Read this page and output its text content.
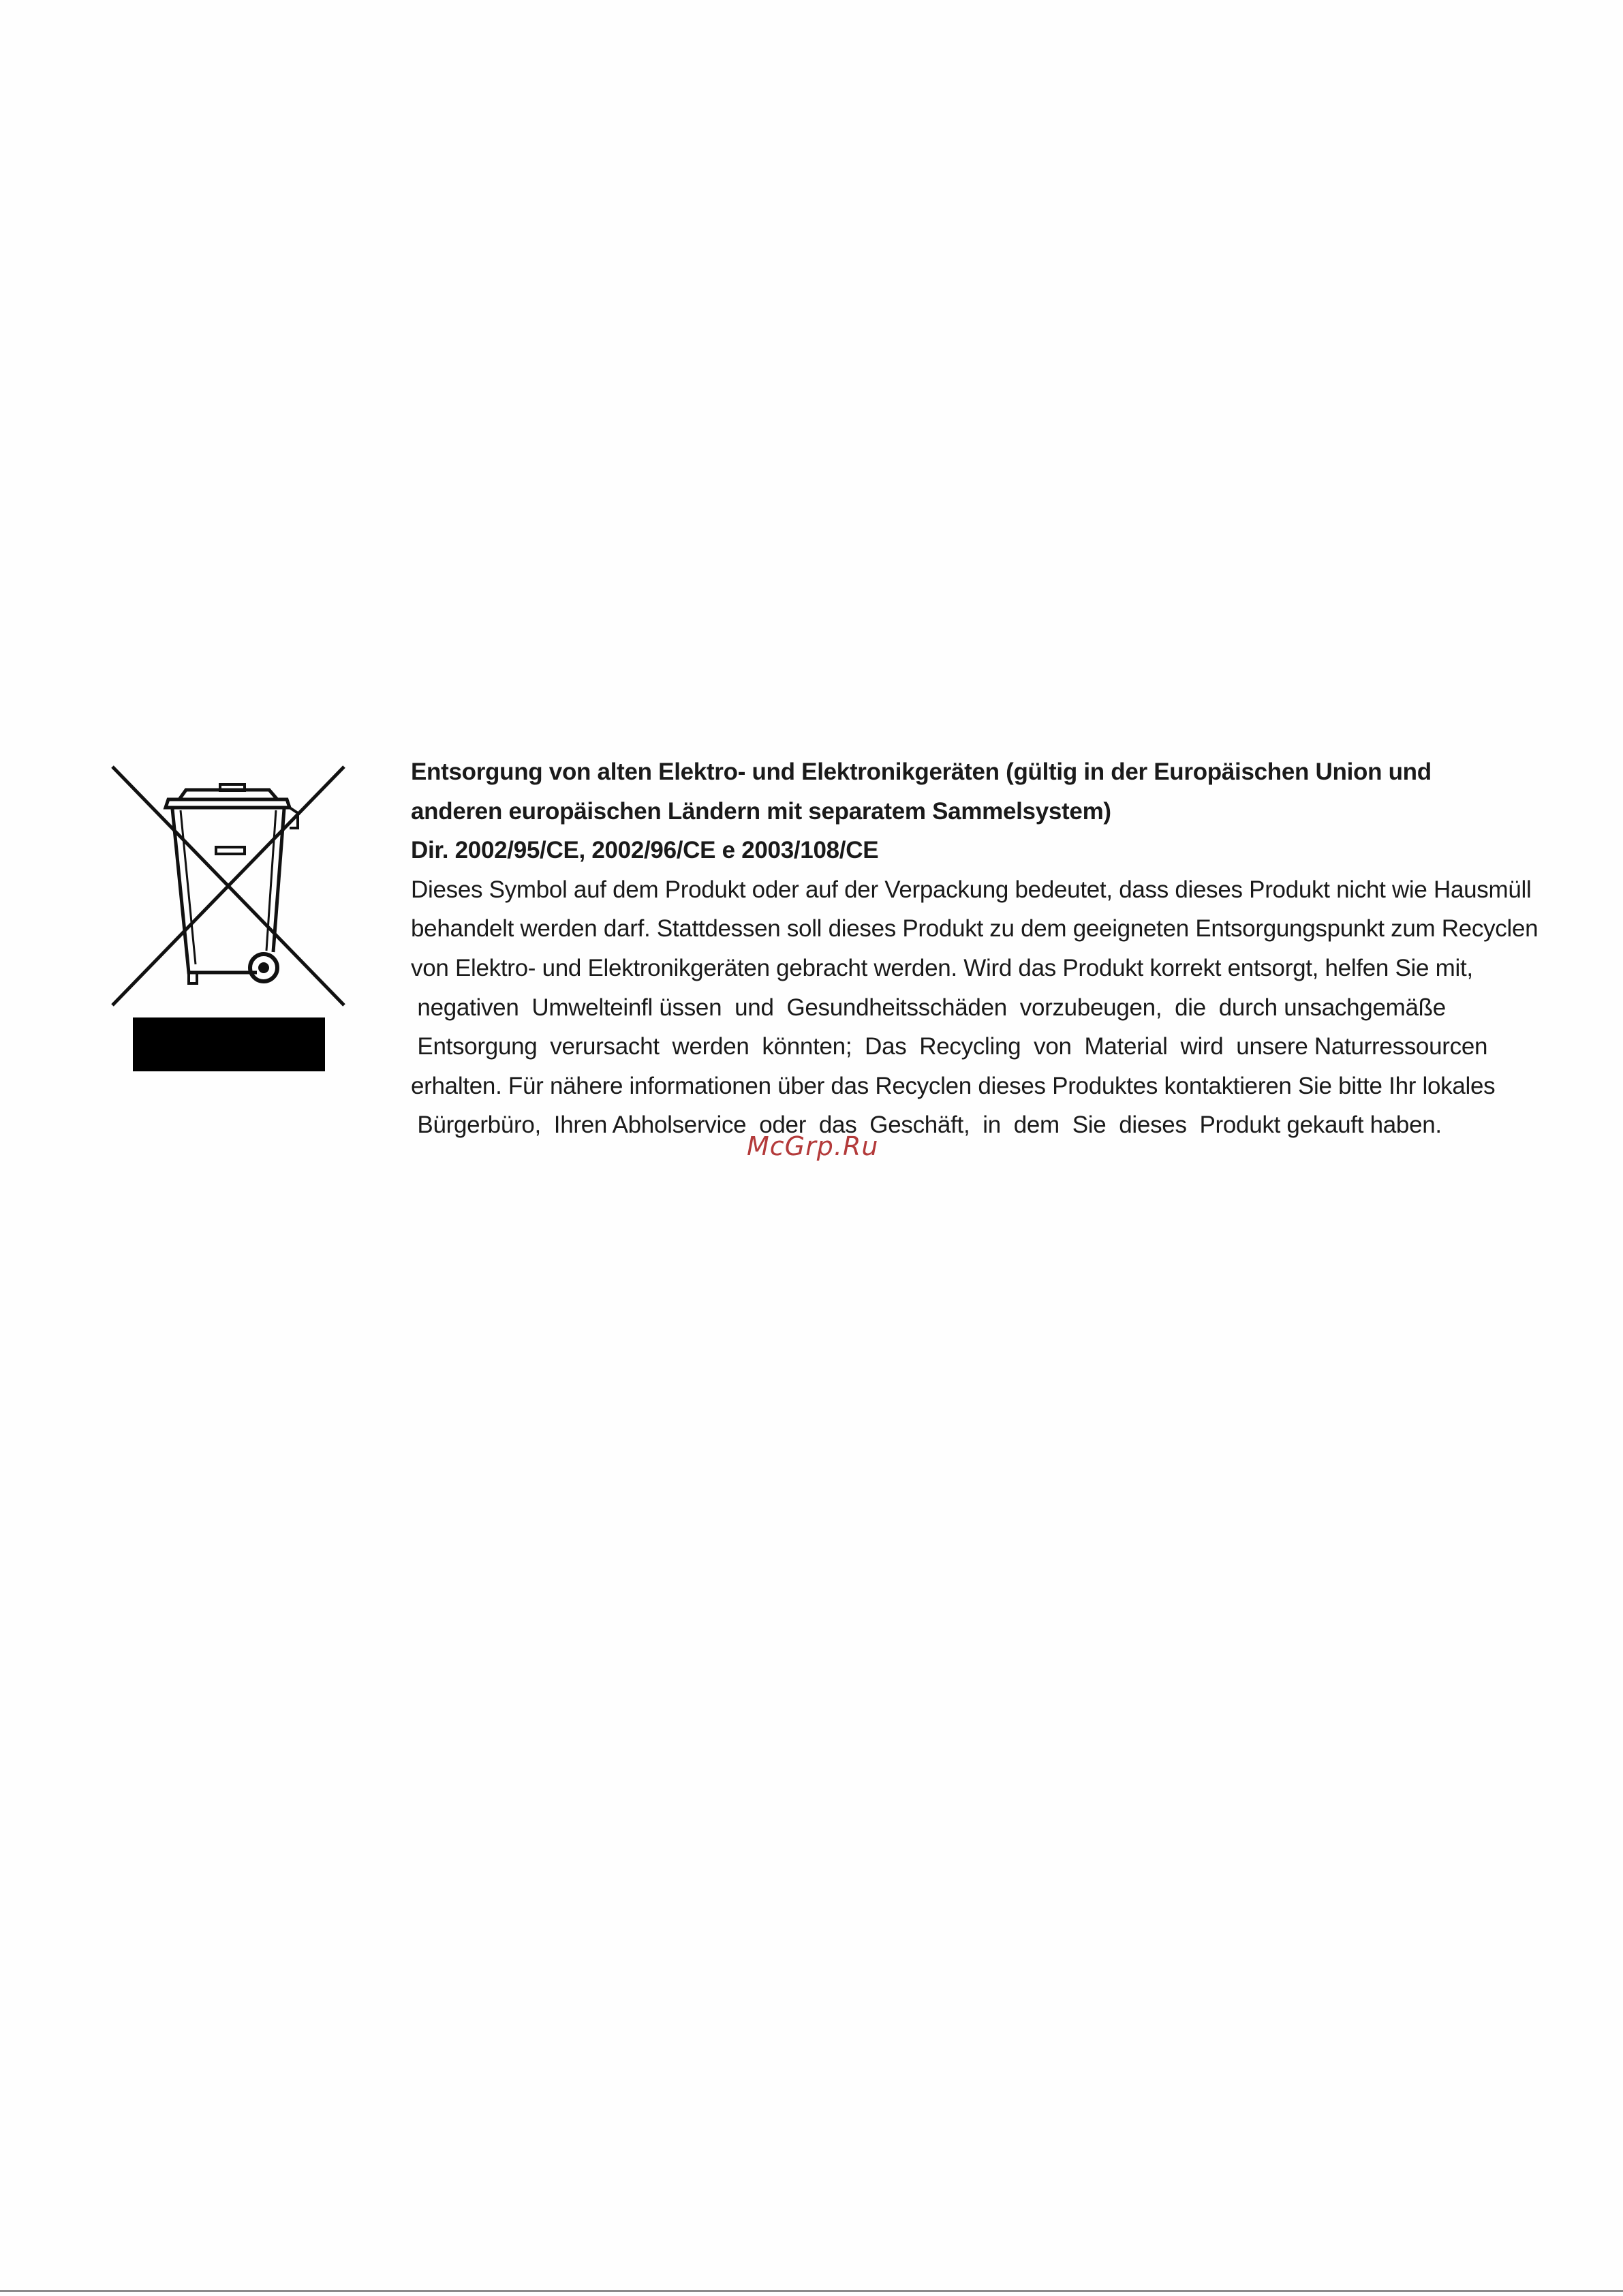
Entsorgung von alten Elektro- und Elektronikgeräten (gültig in der Europäischen Union und
anderen europäischen Ländern mit separatem Sammelsystem)
Dir. 2002/95/CE, 2002/96/CE e 2003/108/CE
Dieses Symbol auf dem Produkt oder auf der Verpackung bedeutet, dass dieses Produkt nicht wie Hausmüll
behandelt werden darf. Stattdessen soll dieses Produkt zu dem geeigneten Entsorgungspunkt zum Recyclen
von Elektro- und Elektronikgeräten gebracht werden. Wird das Produkt korrekt entsorgt, helfen Sie mit,
negativen  Umwelteinfl üssen  und  Gesundheitsschäden  vorzubeugen,  die  durch unsachgemäße
Entsorgung  verursacht  werden  könnten;  Das  Recycling  von  Material  wird  unsere Naturressourcen
erhalten. Für nähere informationen über das Recyclen dieses Produktes kontaktieren Sie bitte Ihr lokales
Bürgerbüro,  Ihren Abholservice  oder  das  Geschäft,  in  dem  Sie  dieses  Produkt gekauft haben.
McGrp.Ru
